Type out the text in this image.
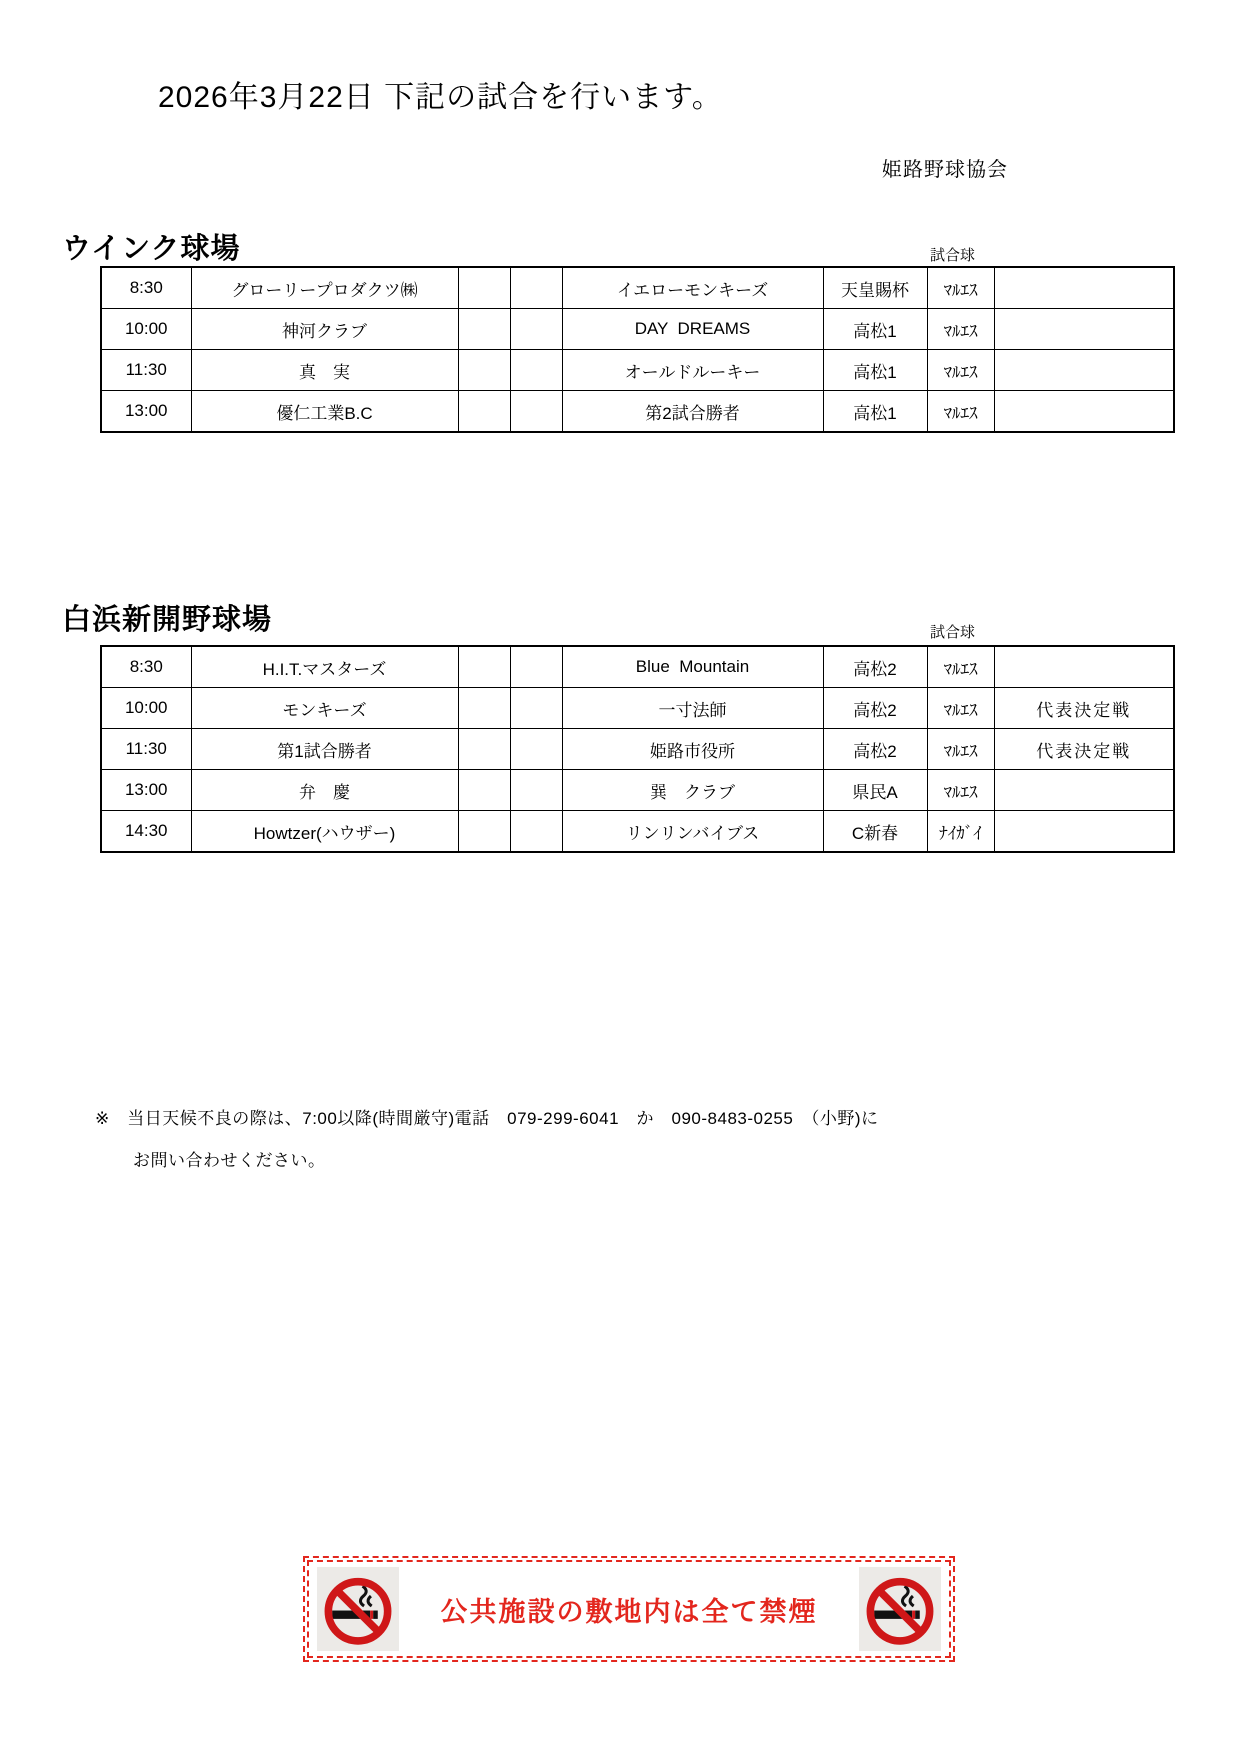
2026年3月22日 下記の試合を行います。
姫路野球協会
ウインク球場	試合球
8:30	グローリープロダクツ㈱			イエローモンキーズ	天皇賜杯	ﾏﾙｴｽ	
10:00	神河クラブ			DAY  DREAMS	高松1	ﾏﾙｴｽ	
11:30	真　実			オールドルーキー	高松1	ﾏﾙｴｽ	
13:00	優仁工業B.C			第2試合勝者	高松1	ﾏﾙｴｽ	
白浜新開野球場	試合球
8:30	H.I.T.マスターズ			Blue  Mountain	高松2	ﾏﾙｴｽ	
10:00	モンキーズ			一寸法師	高松2	ﾏﾙｴｽ	代表決定戦
11:30	第1試合勝者			姫路市役所	高松2	ﾏﾙｴｽ	代表決定戦
13:00	弁　慶			巽　クラブ	県民A	ﾏﾙｴｽ	
14:30	Howtzer(ハウザー)			リンリンバイブス	C新春	ﾅｲｶﾞｲ	
※　当日天候不良の際は、7:00以降(時間厳守)電話　079-299-6041　か　090-8483-0255　（小野)に
お問い合わせください。
公共施設の敷地内は全て禁煙
